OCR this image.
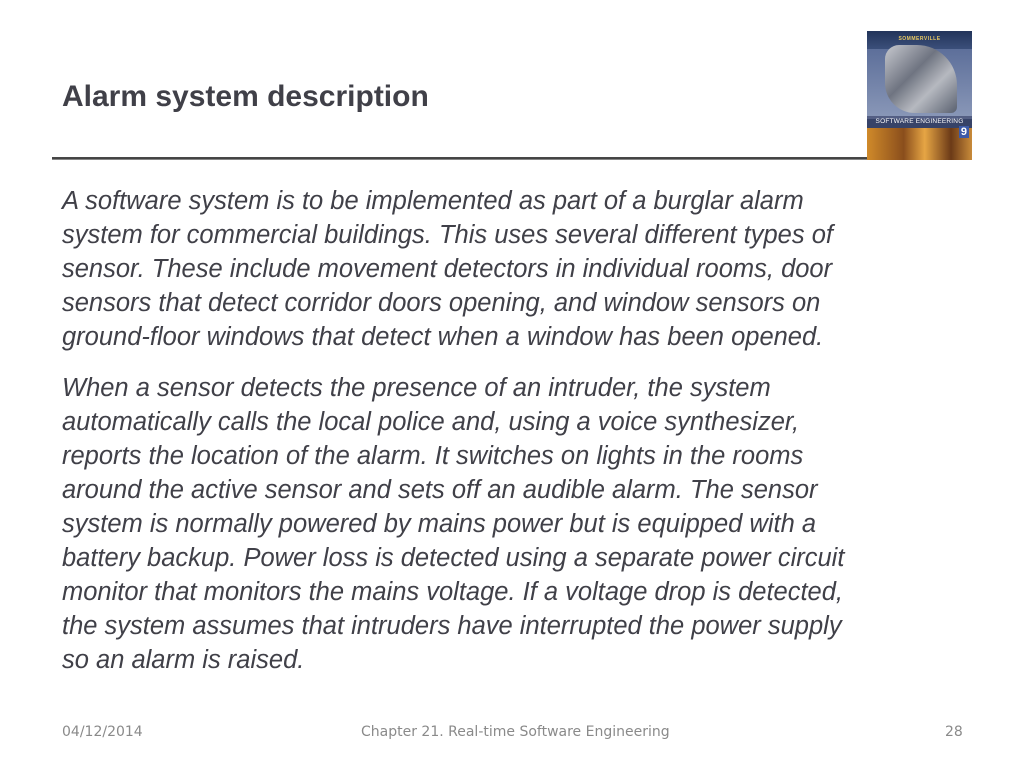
Alarm system description
SOMMERVILLE
SOFTWARE ENGINEERING
9

A software system is to be implemented as part of a burglar alarm
system for commercial buildings. This uses several different types of
sensor. These include movement detectors in individual rooms, door
sensors that detect corridor doors opening, and window sensors on
ground-floor windows that detect when a window has been opened.

When a sensor detects the presence of an intruder, the system
automatically calls the local police and, using a voice synthesizer,
reports the location of the alarm. It switches on lights in the rooms
around the active sensor and sets off an audible alarm. The sensor
system is normally powered by mains power but is equipped with a
battery backup. Power loss is detected using a separate power circuit
monitor that monitors the mains voltage. If a voltage drop is detected,
the system assumes that intruders have interrupted the power supply
so an alarm is raised.

04/12/2014	Chapter 21. Real-time Software Engineering	28
